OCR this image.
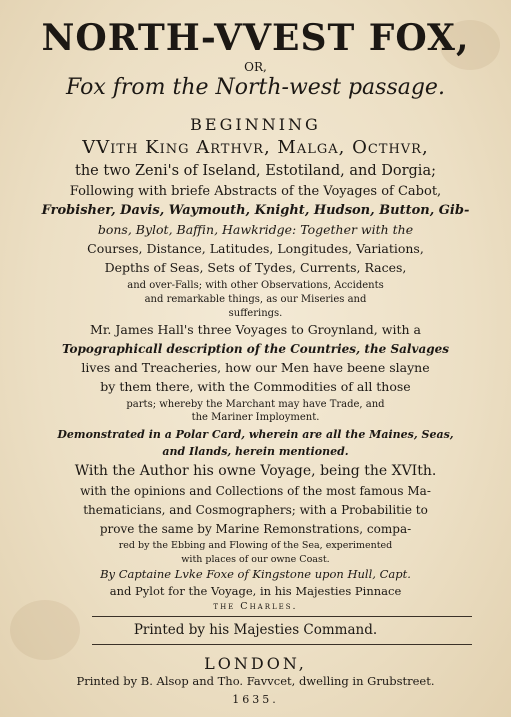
NORTH-VVEST FOX,
OR,
Fox from the North-west passage.
BEGINNING
VVith King Arthvr, Malga, Octhvr,
the two Zeni's of Iseland, Estotiland, and Dorgia;
Following with briefe Abstracts of the Voyages of Cabot,
Frobisher, Davis, Waymouth, Knight, Hudson, Button, Gib-
bons, Bylot, Baffin, Hawkridge: Together with the
Courses, Distance, Latitudes, Longitudes, Variations,
Depths of Seas, Sets of Tydes, Currents, Races,
and over-Falls; with other Observations, Accidents
and remarkable things, as our Miseries and
sufferings.
Mr. James Hall's three Voyages to Groynland, with a
Topographicall description of the Countries, the Salvages
lives and Treacheries, how our Men have beene slayne
by them there, with the Commodities of all those
parts; whereby the Marchant may have Trade, and
the Mariner Imployment.
Demonstrated in a Polar Card, wherein are all the Maines, Seas,
and Ilands, herein mentioned.
With the Author his owne Voyage, being the XVIth.
with the opinions and Collections of the most famous Ma-
thematicians, and Cosmographers; with a Probabilitie to
prove the same by Marine Remonstrations, compa-
red by the Ebbing and Flowing of the Sea, experimented
with places of our owne Coast.
By Captaine Lvke Foxe of Kingstone upon Hull, Capt.
and Pylot for the Voyage, in his Majesties Pinnace
the Charles.
Printed by his Majesties Command.
LONDON,
Printed by B. Alsop and Tho. Favvcet, dwelling in Grubstreet.
1635.
